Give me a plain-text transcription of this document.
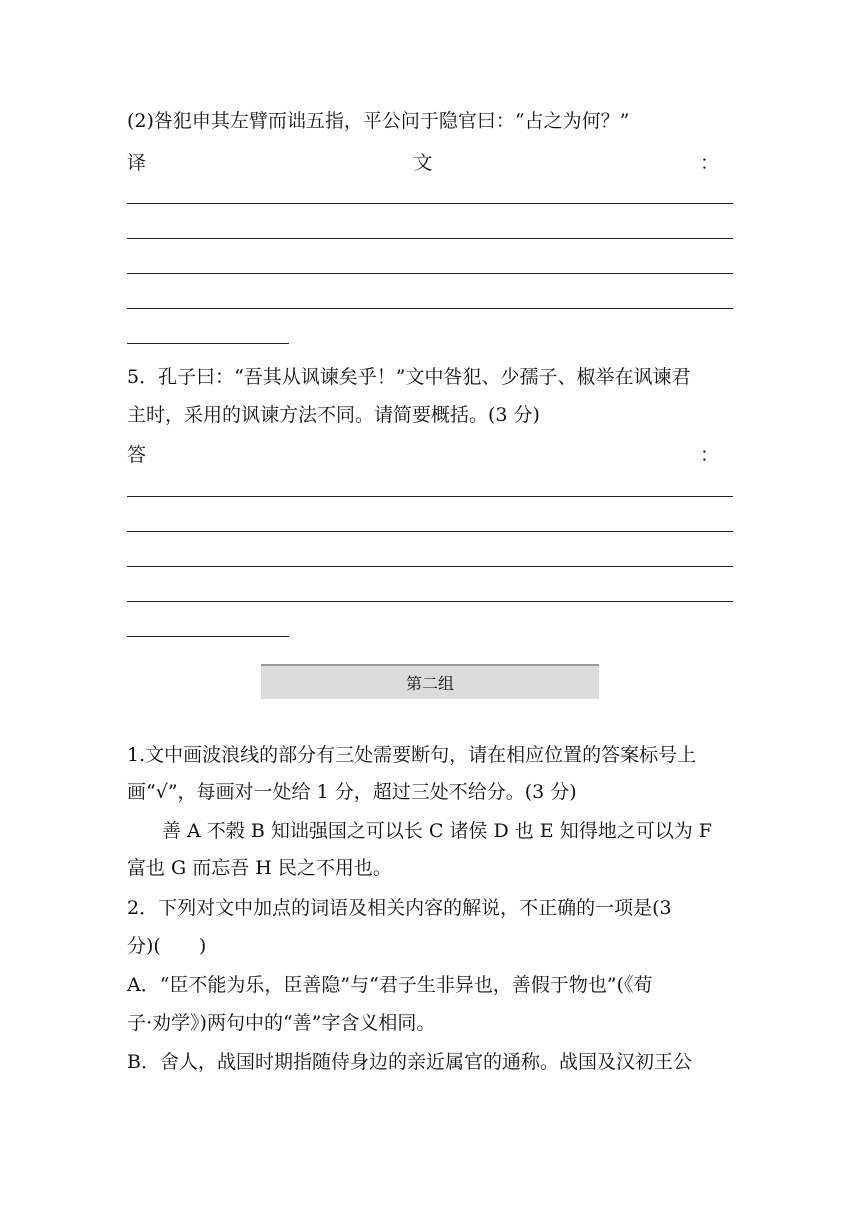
(2)咎犯申其左臂而诎五指，平公问于隐官曰：“占之为何？”
译	文	：
5．孔子曰：“吾其从讽谏矣乎！”文中咎犯、少孺子、椒举在讽谏君
主时，采用的讽谏方法不同。请简要概括。(3 分)
答	：
第二组
1.文中画波浪线的部分有三处需要断句，请在相应位置的答案标号上
画“√”，每画对一处给 1 分，超过三处不给分。(3 分)
善 A 不榖 B 知诎强国之可以长 C 诸侯 D 也 E 知得地之可以为 F
富也 G 而忘吾 H 民之不用也。
2．下列对文中加点的词语及相关内容的解说，不正确的一项是(3
分)(　　)
A．“臣不能为乐，臣善隐”与“君子生非异也，善假于物也”(《荀
子·劝学》)两句中的“善”字含义相同。
B．舍人，战国时期指随侍身边的亲近属官的通称。战国及汉初王公
